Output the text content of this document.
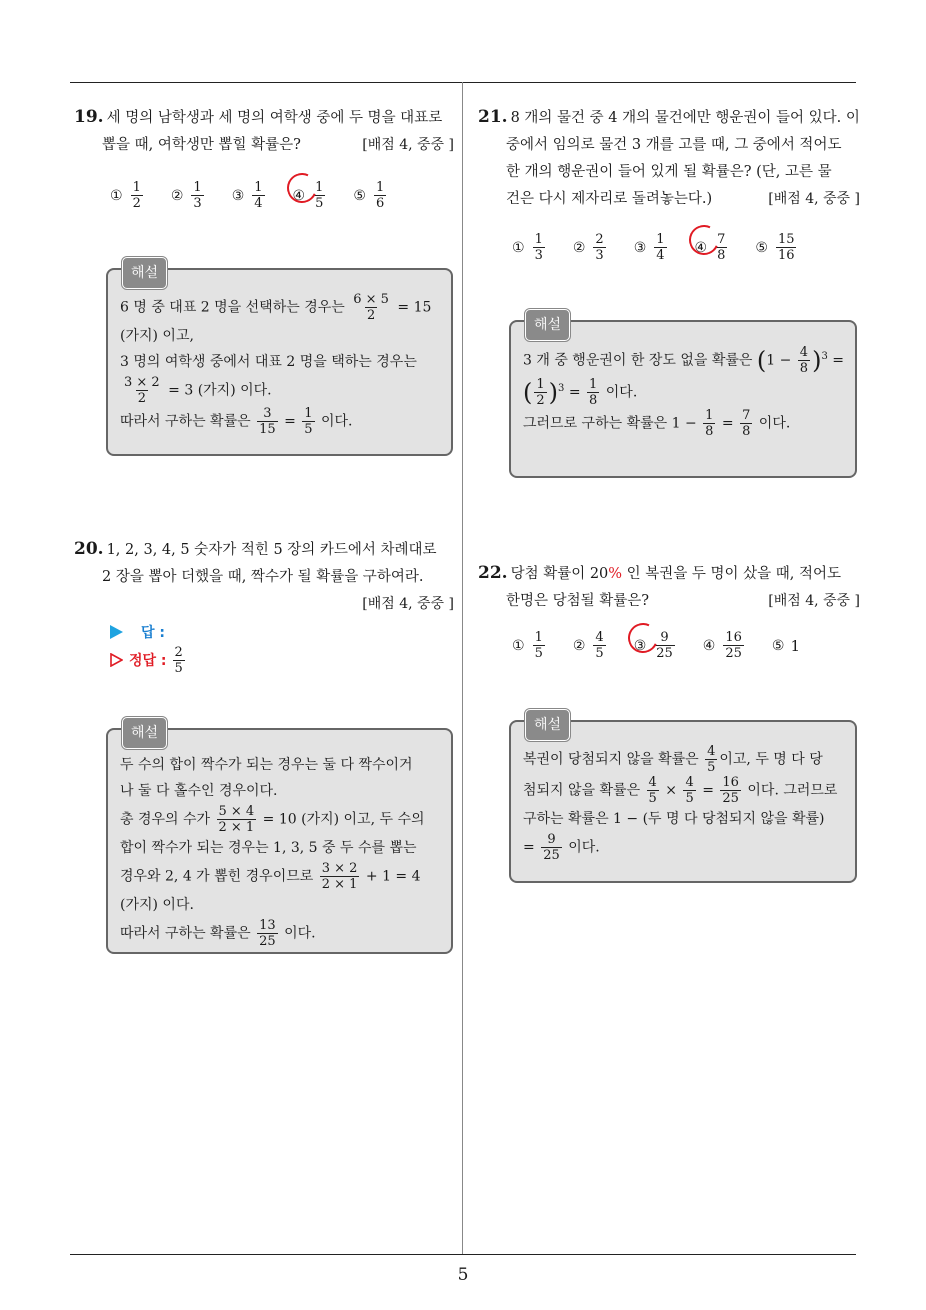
5
19. 세 명의 남학생과 세 명의 여학생 중에 두 명을 대표로
뽑을 때, 여학생만 뽑힐 확률은?	[배점 4, 중중 ]
① $\frac{1}{2}$ ② $\frac{1}{3}$ ③ $\frac{1}{4}$ ④ $\frac{1}{5}$ ⑤ $\frac{1}{6}$
해설
6 명 중 대표 2 명을 선택하는 경우는 $\frac{6 \times 5}{2} = 15$
(가지) 이고,
3 명의 여학생 중에서 대표 2 명을 택하는 경우는
$\frac{3 \times 2}{2} = 3$ (가지) 이다.
따라서 구하는 확률은 $\frac{3}{15} = \frac{1}{5}$ 이다.
20. 1, 2, 3, 4, 5 숫자가 적힌 5 장의 카드에서 차례대로
2 장을 뽑아 더했을 때, 짝수가 될 확률을 구하여라.
[배점 4, 중중 ]
답 :
정답 : $\frac{2}{5}$
해설
두 수의 합이 짝수가 되는 경우는 둘 다 짝수이거
나 둘 다 홀수인 경우이다.
총 경우의 수가 $\frac{5 \times 4}{2 \times 1} = 10$ (가지) 이고, 두 수의
합이 짝수가 되는 경우는 1, 3, 5 중 두 수를 뽑는
경우와 2, 4 가 뽑힌 경우이므로 $\frac{3 \times 2}{2 \times 1} + 1 = 4$
(가지) 이다.
따라서 구하는 확률은 $\frac{13}{25}$ 이다.
21. 8 개의 물건 중 4 개의 물건에만 행운권이 들어 있다. 이
중에서 임의로 물건 3 개를 고를 때, 그 중에서 적어도
한 개의 행운권이 들어 있게 될 확률은? (단, 고른 물
건은 다시 제자리로 돌려놓는다.)	[배점 4, 중중 ]
① $\frac{1}{3}$ ② $\frac{2}{3}$ ③ $\frac{1}{4}$ ④ $\frac{7}{8}$ ⑤ $\frac{15}{16}$
해설
3 개 중 행운권이 한 장도 없을 확률은 $(1 - \frac{4}{8} )^3$ =
( $\frac{1}{2} )^3 = \frac{1}{8}$ 이다.
그러므로 구하는 확률은 $1 - \frac{1}{8} = \frac{7}{8}$ 이다.
22. 당첨 확률이 20% 인 복권을 두 명이 샀을 때, 적어도
한명은 당첨될 확률은?	[배점 4, 중중 ]
① $\frac{1}{5}$ ② $\frac{4}{5}$ ③ $\frac{9}{25}$ ④ $\frac{16}{25}$ ⑤ 1
해설
복권이 당첨되지 않을 확률은 $\frac{4}{5}$ 이고, 두 명 다 당
첨되지 않을 확률은 $\frac{4}{5} \times \frac{4}{5} = \frac{16}{25}$ 이다. 그러므로
구하는 확률은 1 − (두 명 다 당첨되지 않을 확률)
= $\frac{9}{25}$ 이다.
